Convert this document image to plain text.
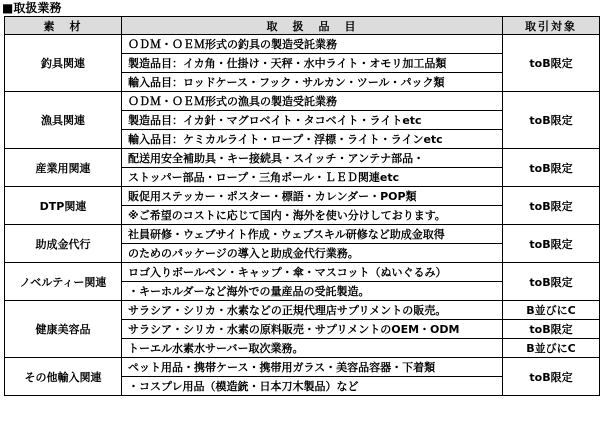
■取扱業務
素　材	取　扱　品　目	取引対象
釣具関連	ＯＤＭ・ＯＥＭ形式の釣具の製造受託業務	toB限定
	製造品目：イカ角・仕掛け・天秤・水中ライト・オモリ加工品類	
	輸入品目：ロッドケース・フック・サルカン・ツール・パック類	
漁具関連	ＯＤＭ・ＯＥＭ形式の漁具の製造受託業務	toB限定
	製造品目：イカ針・マグロベイト・タコベイト・ライトetc	
	輸入品目：ケミカルライト・ロープ・浮標・ライト・ラインetc	
産業用関連	配送用安全補助具・キー接続具・スイッチ・アンテナ部品・	toB限定
	ストッパー部品・ロープ・三角ポール・ＬＥＤ関連etc	
DTP関連	販促用ステッカー・ポスター・標語・カレンダー・POP類	toB限定
	※ご希望のコストに応じて国内・海外を使い分けしております。	
助成金代行	社員研修・ウェブサイト作成・ウェブスキル研修など助成金取得	toB限定
	のためのパッケージの導入と助成金代行業務。	
ノベルティー関連	ロゴ入りボールペン・キャップ・傘・マスコット（ぬいぐるみ）	toB限定
	・キーホルダーなど海外での量産品の受託製造。	
健康美容品	サラシア・シリカ・水素などの正規代理店サプリメントの販売。	B並びにC
	サラシア・シリカ・水素の原料販売・サプリメントのOEM・ODM	toB限定
	トーエル水素水サーバー取次業務。	B並びにC
その他輸入関連	ペット用品・携帯ケース・携帯用ガラス・美容品容器・下着類	toB限定
	・コスプレ用品（模造銃・日本刀木製品）など	
